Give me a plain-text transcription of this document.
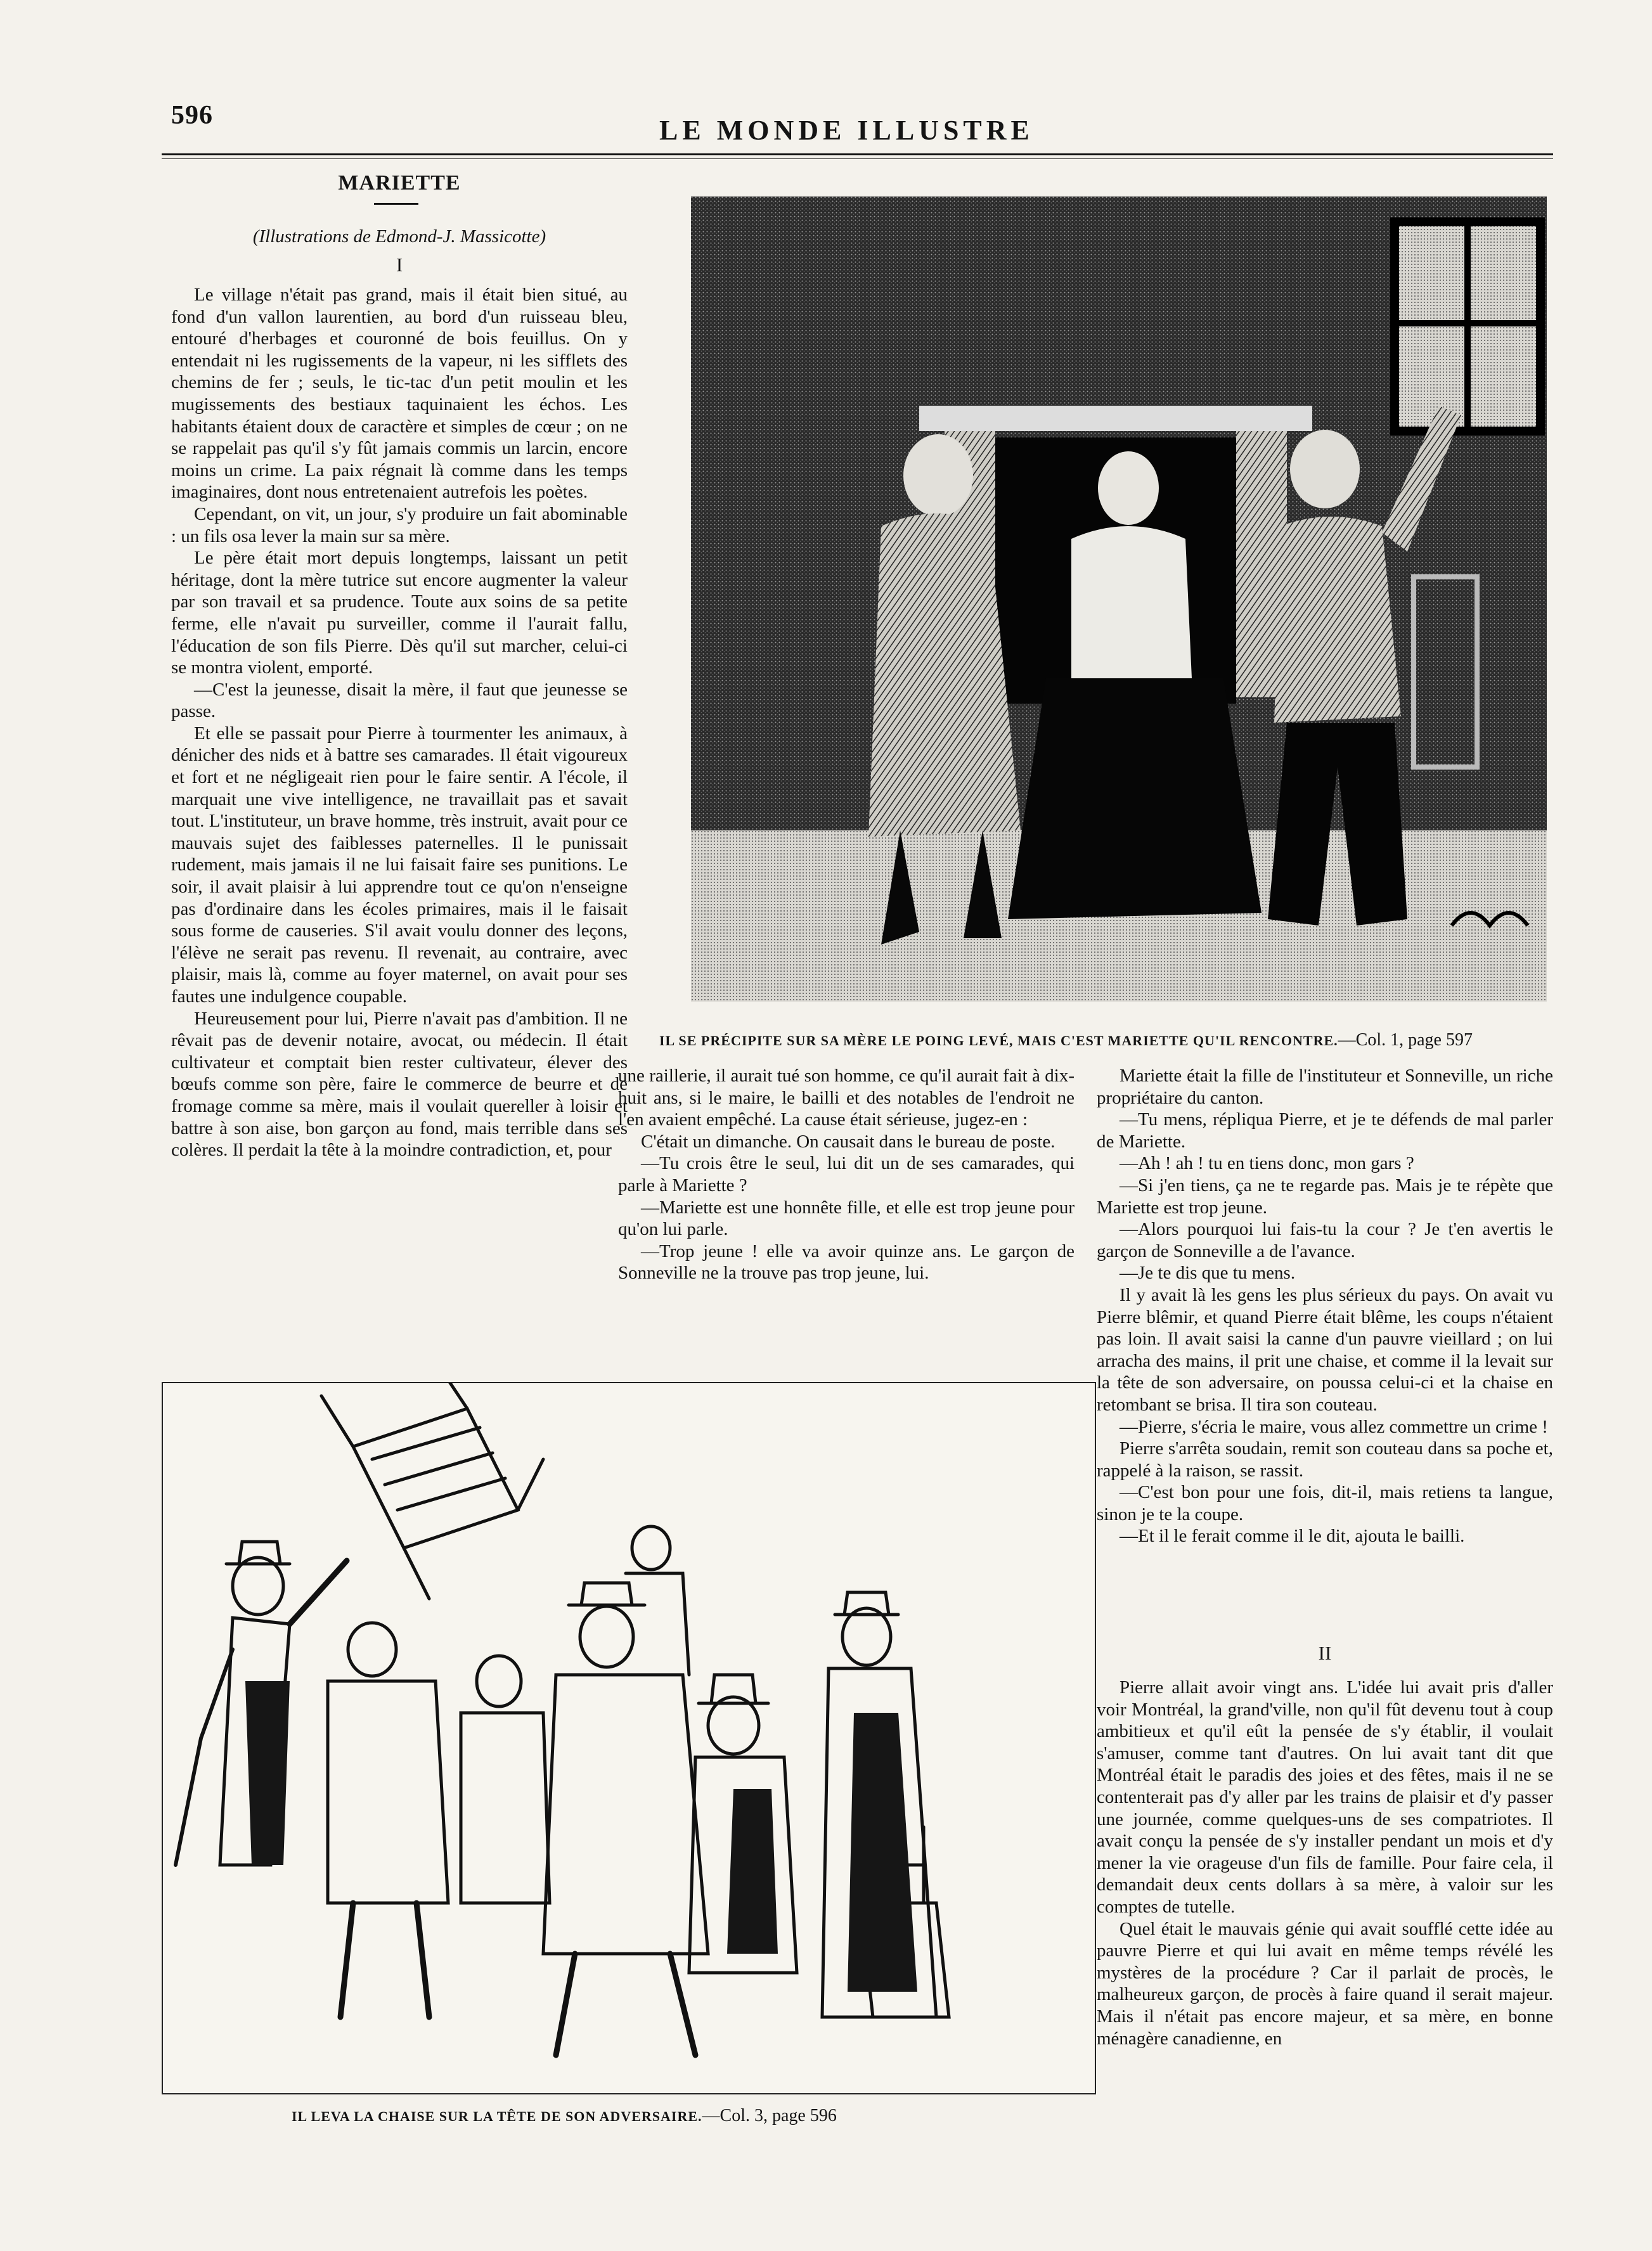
596	LE MONDE ILLUSTRE
MARIETTE
(Illustrations de Edmond-J. Massicotte)
I

Le village n'était pas grand, mais il était bien situé, au fond d'un vallon laurentien, au bord d'un ruisseau bleu, entouré d'herbages et couronné de bois feuillus. On y entendait ni les rugissements de la vapeur, ni les sifflets des chemins de fer ; seuls, le tic-tac d'un petit moulin et les mugissements des bestiaux taquinaient les échos. Les habitants étaient doux de caractère et simples de cœur ; on ne se rappelait pas qu'il s'y fût jamais commis un larcin, encore moins un crime. La paix régnait là comme dans les temps imaginaires, dont nous entretenaient autrefois les poètes.

Cependant, on vit, un jour, s'y produire un fait abominable : un fils osa lever la main sur sa mère.

Le père était mort depuis longtemps, laissant un petit héritage, dont la mère tutrice sut encore augmenter la valeur par son travail et sa prudence. Toute aux soins de sa petite ferme, elle n'avait pu surveiller, comme il l'aurait fallu, l'éducation de son fils Pierre. Dès qu'il sut marcher, celui-ci se montra violent, emporté.

—C'est la jeunesse, disait la mère, il faut que jeunesse se passe.

Et elle se passait pour Pierre à tourmenter les animaux, à dénicher des nids et à battre ses camarades. Il était vigoureux et fort et ne négligeait rien pour le faire sentir. A l'école, il marquait une vive intelligence, ne travaillait pas et savait tout. L'instituteur, un brave homme, très instruit, avait pour ce mauvais sujet des faiblesses paternelles. Il le punissait rudement, mais jamais il ne lui faisait faire ses punitions. Le soir, il avait plaisir à lui apprendre tout ce qu'on n'enseigne pas d'ordinaire dans les écoles primaires, mais il le faisait sous forme de causeries. S'il avait voulu donner des leçons, l'élève ne serait pas revenu. Il revenait, au contraire, avec plaisir, mais là, comme au foyer maternel, on avait pour ses fautes une indulgence coupable.

Heureusement pour lui, Pierre n'avait pas d'ambition. Il ne rêvait pas de devenir notaire, avocat, ou médecin. Il était cultivateur et comptait bien rester cultivateur, élever des bœufs comme son père, faire le commerce de beurre et de fromage comme sa mère, mais il voulait quereller à loisir et battre à son aise, bon garçon au fond, mais terrible dans ses colères. Il perdait la tête à la moindre contradiction, et, pour

IL SE PRÉCIPITE SUR SA MÈRE LE POING LEVÉ, MAIS C'EST MARIETTE QU'IL RENCONTRE.—Col. 1, page 597

une raillerie, il aurait tué son homme, ce qu'il aurait fait à dix-huit ans, si le maire, le bailli et des notables de l'endroit ne l'en avaient empêché. La cause était sérieuse, jugez-en :

C'était un dimanche. On causait dans le bureau de poste.

—Tu crois être le seul, lui dit un de ses camarades, qui parle à Mariette ?

—Mariette est une honnête fille, et elle est trop jeune pour qu'on lui parle.

—Trop jeune ! elle va avoir quinze ans. Le garçon de Sonneville ne la trouve pas trop jeune, lui.

Mariette était la fille de l'instituteur et Sonneville, un riche propriétaire du canton.

—Tu mens, répliqua Pierre, et je te défends de mal parler de Mariette.

—Ah ! ah ! tu en tiens donc, mon gars ?

—Si j'en tiens, ça ne te regarde pas. Mais je te répète que Mariette est trop jeune.

—Alors pourquoi lui fais-tu la cour ? Je t'en avertis le garçon de Sonneville a de l'avance.

—Je te dis que tu mens.

Il y avait là les gens les plus sérieux du pays. On avait vu Pierre blêmir, et quand Pierre était blême, les coups n'étaient pas loin. Il avait saisi la canne d'un pauvre vieillard ; on lui arracha des mains, il prit une chaise, et comme il la levait sur la tête de son adversaire, on poussa celui-ci et la chaise en retombant se brisa. Il tira son couteau.

—Pierre, s'écria le maire, vous allez commettre un crime !

Pierre s'arrêta soudain, remit son couteau dans sa poche et, rappelé à la raison, se rassit.

—C'est bon pour une fois, dit-il, mais retiens ta langue, sinon je te la coupe.

—Et il le ferait comme il le dit, ajouta le bailli.

II

Pierre allait avoir vingt ans. L'idée lui avait pris d'aller voir Montréal, la grand'ville, non qu'il fût devenu tout à coup ambitieux et qu'il eût la pensée de s'y établir, il voulait s'amuser, comme tant d'autres. On lui avait tant dit que Montréal était le paradis des joies et des fêtes, mais il ne se contenterait pas d'y aller par les trains de plaisir et d'y passer une journée, comme quelques-uns de ses compatriotes. Il avait conçu la pensée de s'y installer pendant un mois et d'y mener la vie orageuse d'un fils de famille. Pour faire cela, il demandait deux cents dollars à sa mère, à valoir sur les comptes de tutelle.

Quel était le mauvais génie qui avait soufflé cette idée au pauvre Pierre et qui lui avait en même temps révélé les mystères de la procédure ? Car il parlait de procès, le malheureux garçon, de procès à faire quand il serait majeur. Mais il n'était pas encore majeur, et sa mère, en bonne ménagère canadienne, en

IL LEVA LA CHAISE SUR LA TÊTE DE SON ADVERSAIRE.—Col. 3, page 596
